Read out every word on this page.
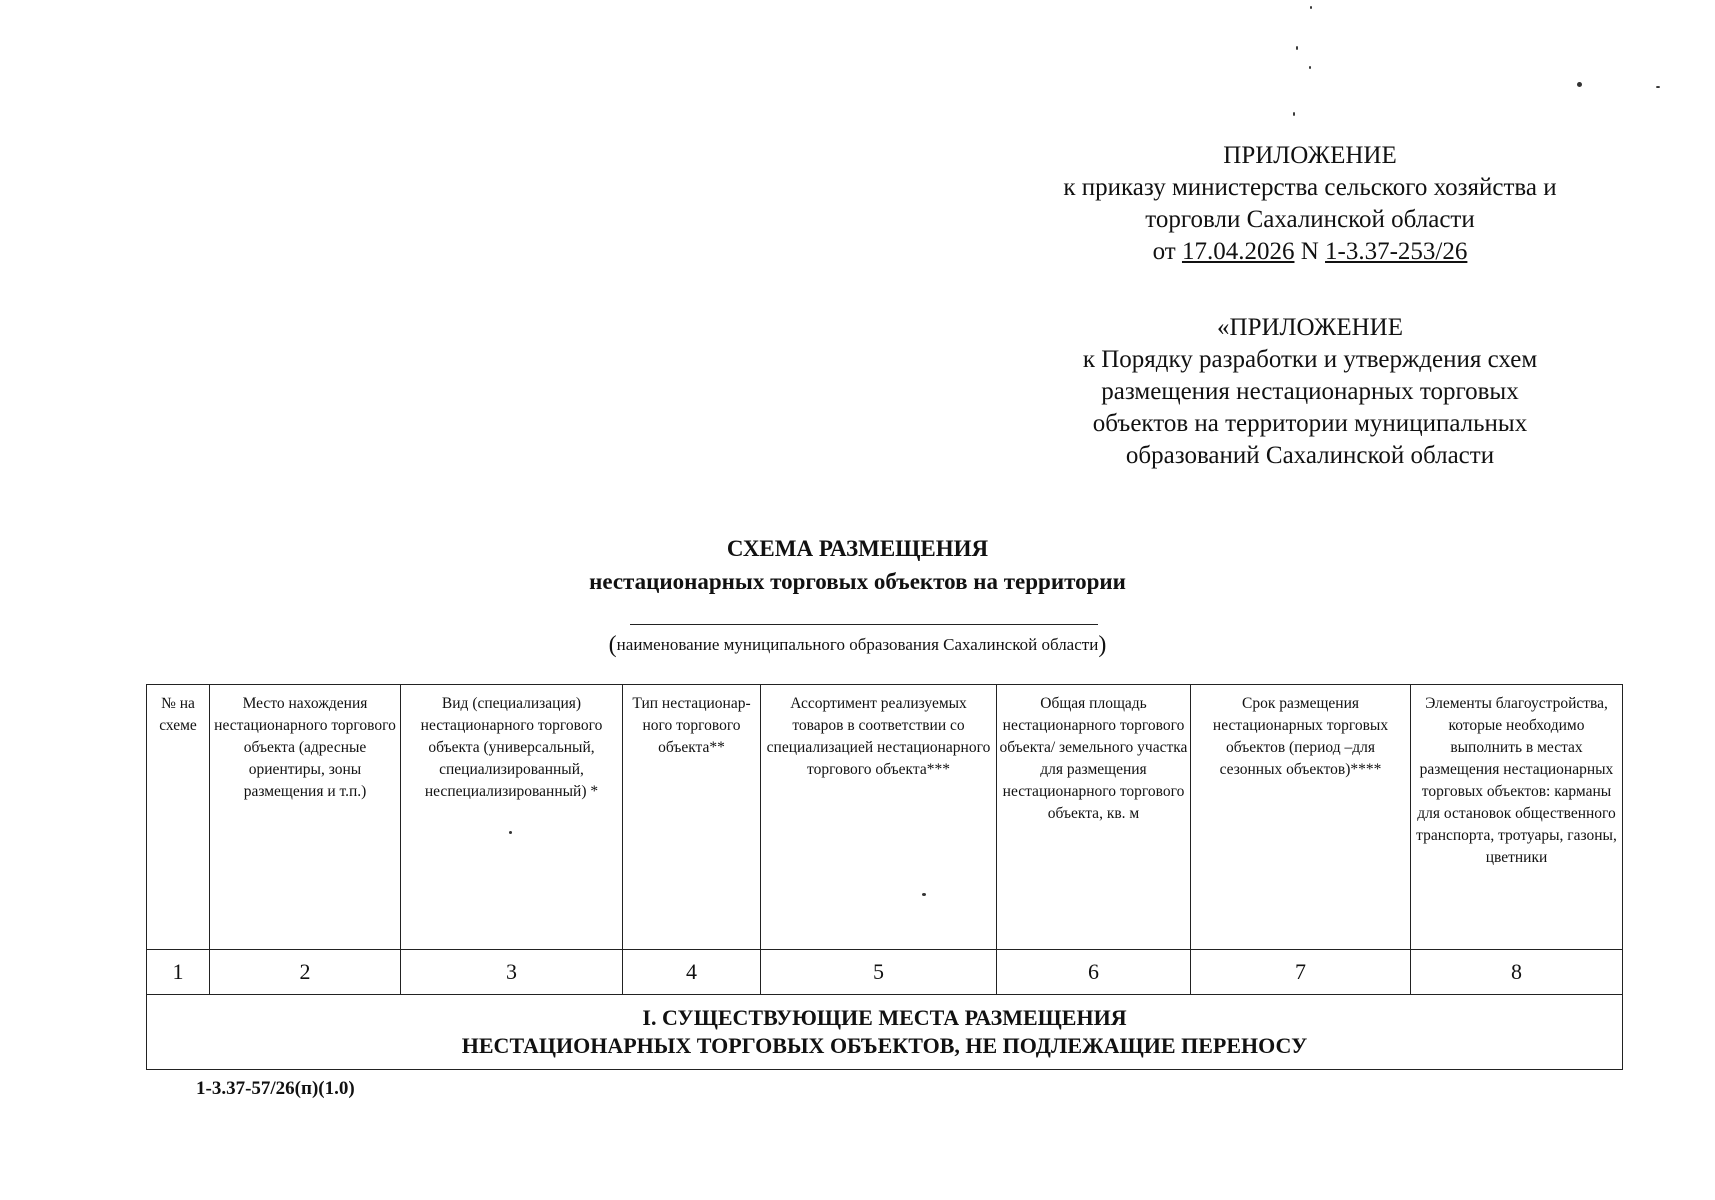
ПРИЛОЖЕНИЕ
к приказу министерства сельского хозяйства и
торговли Сахалинской области
от 17.04.2026 N 1-3.37-253/26
«ПРИЛОЖЕНИЕ
к Порядку разработки и утверждения схем
размещения нестационарных торговых
объектов на территории муниципальных
образований Сахалинской области
СХЕМА РАЗМЕЩЕНИЯ
нестационарных торговых объектов на территории
(наименование муниципального образования Сахалинской области)
№ на схеме	Место нахождения нестационарного торгового объекта (адресные ориентиры, зоны размещения и т.п.)	Вид (специализация) нестационарного торгового объекта (универсальный, специализированный, неспециализированный) *	Тип нестационар-ного торгового объекта**	Ассортимент реализуемых товаров в соответствии со специализацией нестационарного торгового объекта***	Общая площадь нестационарного торгового объекта/ земельного участка для размещения нестационарного торгового объекта, кв. м	Срок размещения нестационарных торговых объектов (период –для сезонных объектов)****	Элементы благоустройства, которые необходимо выполнить в местах размещения нестационарных торговых объектов: карманы для остановок общественного транспорта, тротуары, газоны, цветники
1	2	3	4	5	6	7	8

I. СУЩЕСТВУЮЩИЕ МЕСТА РАЗМЕЩЕНИЯ
НЕСТАЦИОНАРНЫХ ТОРГОВЫХ ОБЪЕКТОВ, НЕ ПОДЛЕЖАЩИЕ ПЕРЕНОСУ							
1-3.37-57/26(п)(1.0)
